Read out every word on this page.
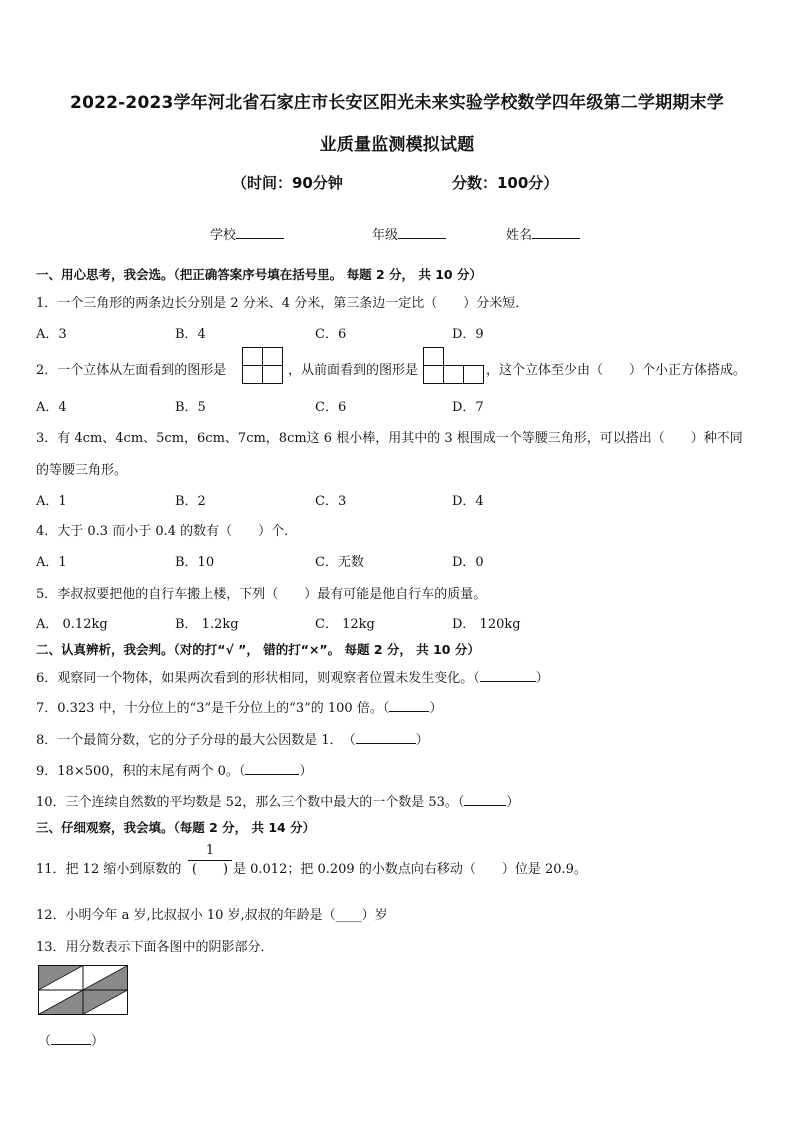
2022-2023学年河北省石家庄市长安区阳光未来实验学校数学四年级第二学期期末学
业质量监测模拟试题
（时间：90分钟	分数：100分）
学校	年级	姓名
一、用心思考，我会选。（把正确答案序号填在括号里。 每题 2 分， 共 10 分）
1．一个三角形的两条边长分别是 2 分米、4 分米，第三条边一定比（　　）分米短．
A．3	B．4	C．6	D．9
2．一个立体从左面看到的图形是	，从前面看到的图形是	，这个立体至少由（　　）个小正方体搭成。
A．4	B．5	C．6	D．7
3．有 4cm、4cm、5cm，6cm、7cm，8cm这 6 根小棒，用其中的 3 根围成一个等腰三角形，可以搭出（　　）种不同
的等腰三角形。
A．1	B．2	C．3	D．4
4．大于 0.3 而小于 0.4 的数有（　　）个．
A．1	B．10	C．无数	D．0
5．李叔叔要把他的自行车搬上楼，下列（　　）最有可能是他自行车的质量。
A． 0.12kg	B． 1.2kg	C． 12kg	D． 120kg
二、认真辨析，我会判。（对的打“√ ”， 错的打“×”。 每题 2 分， 共 10 分）
6．观察同一个物体，如果两次看到的形状相同，则观察者位置未发生变化。（	）
7．0.323 中，十分位上的“3”是千分位上的“3”的 100 倍。（	）
8．一个最简分数，它的分子分母的最大公因数是 1．　（	）
9．18×500，积的末尾有两个 0。（	）
10．三个连续自然数的平均数是 52，那么三个数中最大的一个数是 53。（	）
三、仔细观察，我会填。（每题 2 分， 共 14 分）
11．把 12 缩小到原数的
1
(　　) 是 0.012；把 0.209 的小数点向右移动（　　）位是 20.9。
12．小明今年 a 岁,比叔叔小 10 岁,叔叔的年龄是（____）岁
13．用分数表示下面各图中的阴影部分．
（	）
